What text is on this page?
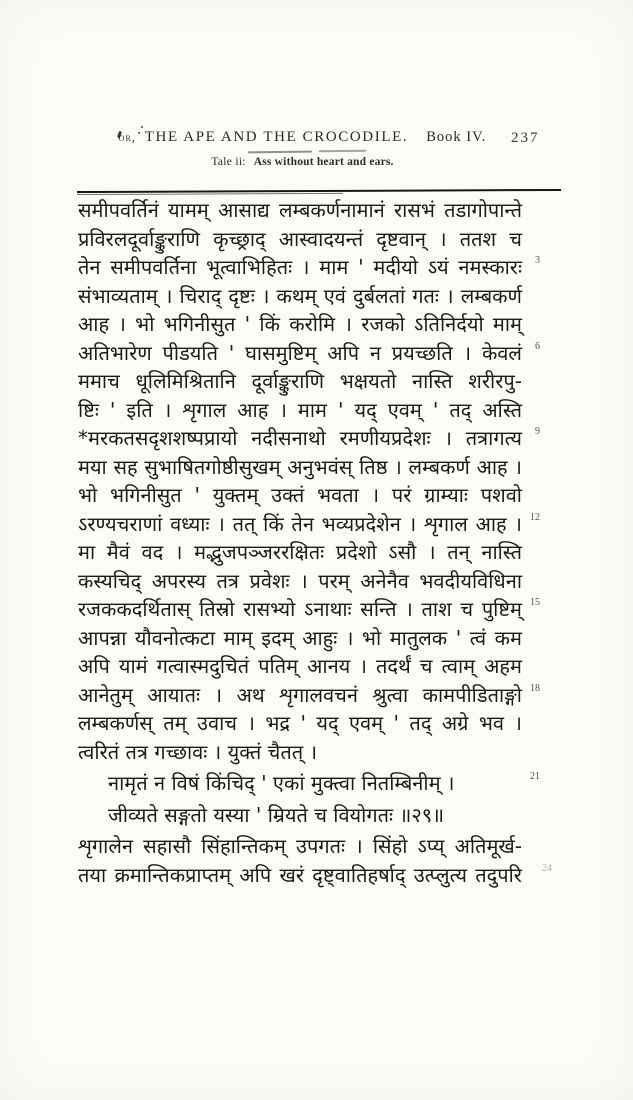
or, THE APE AND THE CROCODILE. Book IV.	237
Tale ii: Ass without heart and ears.
समीपवर्तिनं यामम् आसाद्य लम्बकर्णनामानं रासभं तडागोपान्ते
प्रविरलदूर्वाङ्कुराणि कृच्छ्राद् आस्वादयन्तं दृष्टवान् । ततश च
तेन समीपवर्तिना भूत्वाभिहितः । माम ' मदीयो ऽयं नमस्कारः 3
संभाव्यताम् । चिराद् दृष्टः । कथम् एवं दुर्बलतां गतः । लम्बकर्ण
आह । भो भगिनीसुत ' किं करोमि । रजको ऽतिनिर्दयो माम्
अतिभारेण पीडयति ' घासमुष्टिम् अपि न प्रयच्छति । केवलं 6
ममाच धूलिमिश्रितानि दूर्वाङ्कुराणि भक्षयतो नास्ति शरीरपु-
ष्टिः ' इति । शृगाल आह । माम ' यद् एवम् ' तद् अस्ति
*मरकतसदृशशष्पप्रायो नदीसनाथो रमणीयप्रदेशः । तत्रागत्य 9
मया सह सुभाषितगोष्ठीसुखम् अनुभवंस् तिष्ठ । लम्बकर्ण आह ।
भो भगिनीसुत ' युक्तम् उक्तं भवता । परं ग्राम्याः पशवो
ऽरण्यचराणां वध्याः । तत् किं तेन भव्यप्रदेशेन । शृगाल आह । 12
मा मैवं वद । मद्भुजपञ्जररक्षितः प्रदेशो ऽसौ । तन् नास्ति
कस्यचिद् अपरस्य तत्र प्रवेशः । परम् अनेनैव भवदीयविधिना
रजककदर्थितास् तिस्रो रासभ्यो ऽनाथाः सन्ति । ताश च पुष्टिम् 15
आपन्ना यौवनोत्कटा माम् इदम् आहुः । भो मातुलक ' त्वं कम
अपि यामं गत्वास्मदुचितं पतिम् आनय । तदर्थं च त्वाम् अहम
आनेतुम् आयातः । अथ शृगालवचनं श्रुत्वा कामपीडिताङ्गो 18
लम्बकर्णस् तम् उवाच । भद्र ' यद् एवम् ' तद् अग्रे भव ।
त्वरितं तत्र गच्छावः । युक्तं चैतत् ।
नामृतं न विषं किंचिद् ' एकां मुक्त्वा नितम्बिनीम् ।	21
जीव्यते सङ्गतो यस्या ' म्रियते च वियोगतः ॥२९॥
शृगालेन सहासौ सिंहान्तिकम् उपगतः । सिंहो ऽप्य् अतिमूर्ख-
तया क्रमान्तिकप्राप्तम् अपि खरं दृष्ट्वातिहर्षाद् उत्प्लुत्य तदुपरि 24
